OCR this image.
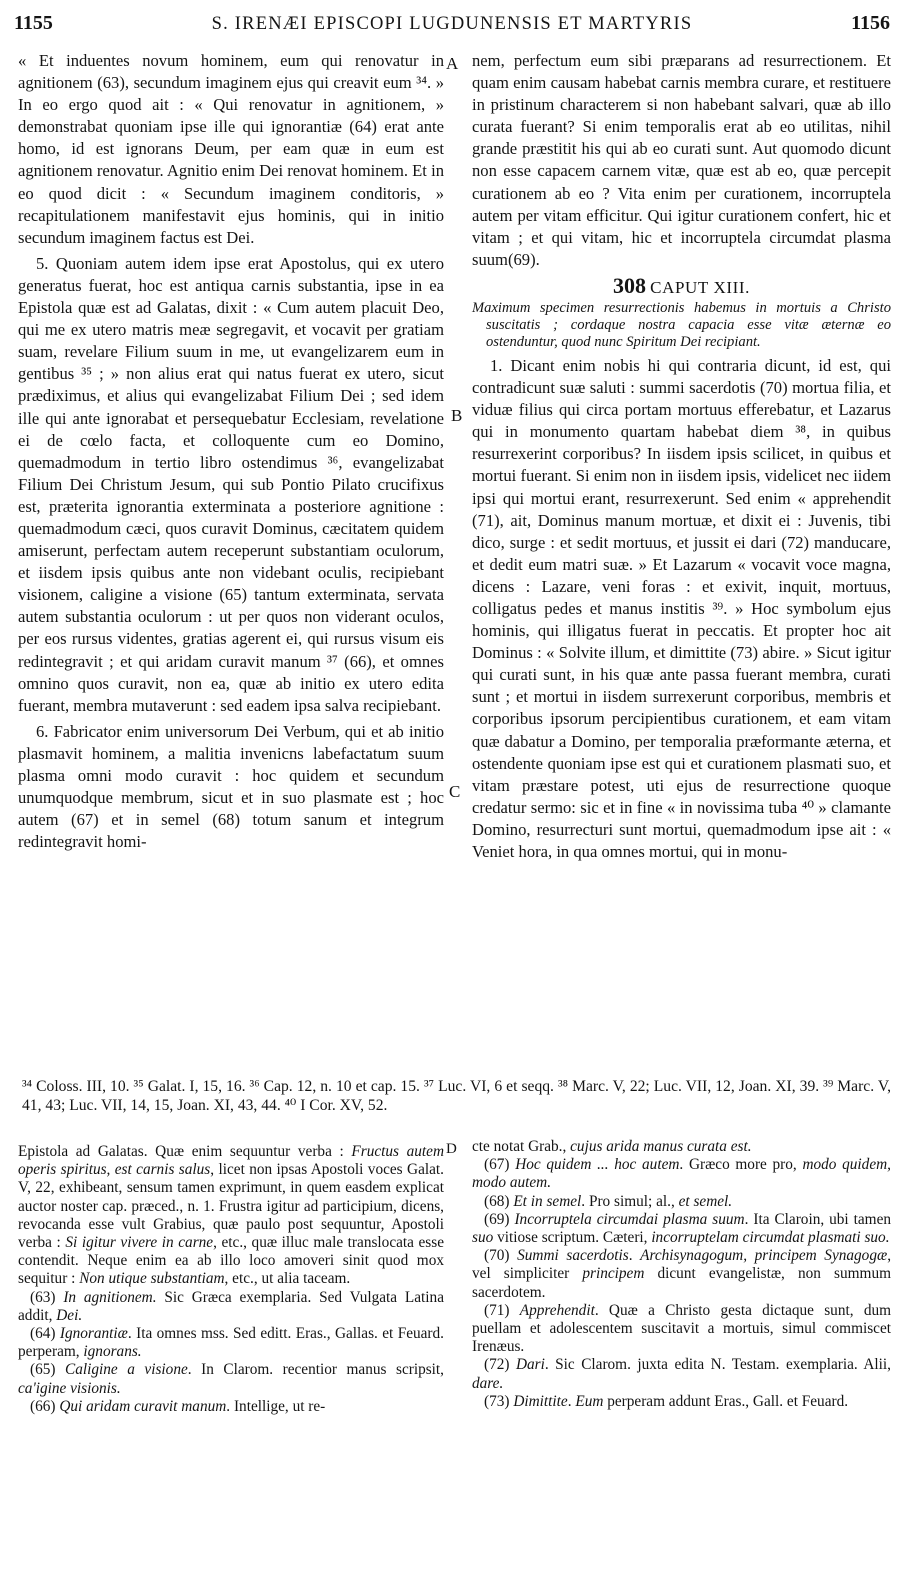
1155	S. IRENÆI EPISCOPI LUGDUNENSIS ET MARTYRIS	1156
A
B
C

« Et induentes novum hominem, eum qui renovatur in agnitionem (63), secundum imaginem ejus qui creavit eum ³⁴. » In eo ergo quod ait : « Qui renovatur in agnitionem, » demonstrabat quoniam ipse ille qui ignorantiæ (64) erat ante homo, id est ignorans Deum, per eam quæ in eum est agnitionem renovatur. Agnitio enim Dei renovat hominem. Et in eo quod dicit : « Secundum imaginem conditoris, » recapitulationem manifestavit ejus hominis, qui in initio secundum imaginem factus est Dei.

5. Quoniam autem idem ipse erat Apostolus, qui ex utero generatus fuerat, hoc est antiqua carnis substantia, ipse in ea Epistola quæ est ad Galatas, dixit : « Cum autem placuit Deo, qui me ex utero matris meæ segregavit, et vocavit per gratiam suam, revelare Filium suum in me, ut evangelizarem eum in gentibus ³⁵ ; » non alius erat qui natus fuerat ex utero, sicut prædiximus, et alius qui evangelizabat Filium Dei ; sed idem ille qui ante ignorabat et persequebatur Ecclesiam, revelatione ei de cœlo facta, et colloquente cum eo Domino, quemadmodum in tertio libro ostendimus ³⁶, evangelizabat Filium Dei Christum Jesum, qui sub Pontio Pilato crucifixus est, præterita ignorantia exterminata a posteriore agnitione : quemadmodum cæci, quos curavit Dominus, cæcitatem quidem amiserunt, perfectam autem receperunt substantiam oculorum, et iisdem ipsis quibus ante non videbant oculis, recipiebant visionem, caligine a visione (65) tantum exterminata, servata autem substantia oculorum : ut per quos non viderant oculos, per eos rursus videntes, gratias agerent ei, qui rursus visum eis redintegravit ; et qui aridam curavit manum ³⁷ (66), et omnes omnino quos curavit, non ea, quæ ab initio ex utero edita fuerant, membra mutaverunt : sed eadem ipsa salva recipiebant.

6. Fabricator enim universorum Dei Verbum, qui et ab initio plasmavit hominem, a malitia invenicns labefactatum suum plasma omni modo curavit : hoc quidem et secundum unumquodque membrum, sicut et in suo plasmate est ; hoc autem (67) et in semel (68) totum sanum et integrum redintegravit homi-

nem, perfectum eum sibi præparans ad resurrectionem. Et quam enim causam habebat carnis membra curare, et restituere in pristinum characterem si non habebant salvari, quæ ab illo curata fuerant? Si enim temporalis erat ab eo utilitas, nihil grande præstitit his qui ab eo curati sunt. Aut quomodo dicunt non esse capacem carnem vitæ, quæ est ab eo, quæ percepit curationem ab eo ? Vita enim per curationem, incorruptela autem per vitam efficitur. Qui igitur curationem confert, hic et vitam ; et qui vitam, hic et incorruptela circumdat plasma suum(69).

308 CAPUT XIII.

Maximum specimen resurrectionis habemus in mortuis a Christo suscitatis ; cordaque nostra capacia esse vitæ æternæ eo ostenduntur, quod nunc Spiritum Dei recipiant.

1. Dicant enim nobis hi qui contraria dicunt, id est, qui contradicunt suæ saluti : summi sacerdotis (70) mortua filia, et viduæ filius qui circa portam mortuus efferebatur, et Lazarus qui in monumento quartam habebat diem ³⁸, in quibus resurrexerint corporibus? In iisdem ipsis scilicet, in quibus et mortui fuerant. Si enim non in iisdem ipsis, videlicet nec iidem ipsi qui mortui erant, resurrexerunt. Sed enim « apprehendit (71), ait, Dominus manum mortuæ, et dixit ei : Juvenis, tibi dico, surge : et sedit mortuus, et jussit ei dari (72) manducare, et dedit eum matri suæ. » Et Lazarum « vocavit voce magna, dicens : Lazare, veni foras : et exivit, inquit, mortuus, colligatus pedes et manus institis ³⁹. » Hoc symbolum ejus hominis, qui illigatus fuerat in peccatis. Et propter hoc ait Dominus : « Solvite illum, et dimittite (73) abire. » Sicut igitur qui curati sunt, in his quæ ante passa fuerant membra, curati sunt ; et mortui in iisdem surrexerunt corporibus, membris et corporibus ipsorum percipientibus curationem, et eam vitam quæ dabatur a Domino, per temporalia præformante æterna, et ostendente quoniam ipse est qui et curationem plasmati suo, et vitam præstare potest, uti ejus de resurrectione quoque credatur sermo: sic et in fine « in novissima tuba ⁴⁰ » clamante Domino, resurrecturi sunt mortui, quemadmodum ipse ait : « Veniet hora, in qua omnes mortui, qui in monu-

³⁴ Coloss. III, 10. ³⁵ Galat. I, 15, 16. ³⁶ Cap. 12, n. 10 et cap. 15. ³⁷ Luc. VI, 6 et seqq. ³⁸ Marc. V, 22; Luc. VII, 12, Joan. XI, 39. ³⁹ Marc. V, 41, 43; Luc. VII, 14, 15, Joan. XI, 43, 44. ⁴⁰ I Cor. XV, 52.
D

Epistola ad Galatas. Quæ enim sequuntur verba : Fructus autem operis spiritus, est carnis salus, licet non ipsas Apostoli voces Galat. V, 22, exhibeant, sensum tamen exprimunt, in quem easdem explicat auctor noster cap. præced., n. 1. Frustra igitur ad participium, dicens, revocanda esse vult Grabius, quæ paulo post sequuntur, Apostoli verba : Si igitur vivere in carne, etc., quæ illuc male translocata esse contendit. Neque enim ea ab illo loco amoveri sinit quod mox sequitur : Non utique substantiam, etc., ut alia taceam.

(63) In agnitionem. Sic Græca exemplaria. Sed Vulgata Latina addit, Dei.

(64) Ignorantiæ. Ita omnes mss. Sed editt. Eras., Gallas. et Feuard. perperam, ignorans.

(65) Caligine a visione. In Clarom. recentior manus scripsit, ca'igine visionis.

(66) Qui aridam curavit manum. Intellige, ut re-

cte notat Grab., cujus arida manus curata est.

(67) Hoc quidem ... hoc autem. Græco more pro, modo quidem, modo autem.

(68) Et in semel. Pro simul; al., et semel.

(69) Incorruptela circumdai plasma suum. Ita Claroin, ubi tamen suo vitiose scriptum. Cæteri, incorruptelam circumdat plasmati suo.

(70) Summi sacerdotis. Archisynagogum, principem Synagogæ, vel simpliciter principem dicunt evangelistæ, non summum sacerdotem.

(71) Apprehendit. Quæ a Christo gesta dictaque sunt, dum puellam et adolescentem suscitavit a mortuis, simul commiscet Irenæus.

(72) Dari. Sic Clarom. juxta edita N. Testam. exemplaria. Alii, dare.

(73) Dimittite. Eum perperam addunt Eras., Gall. et Feuard.
